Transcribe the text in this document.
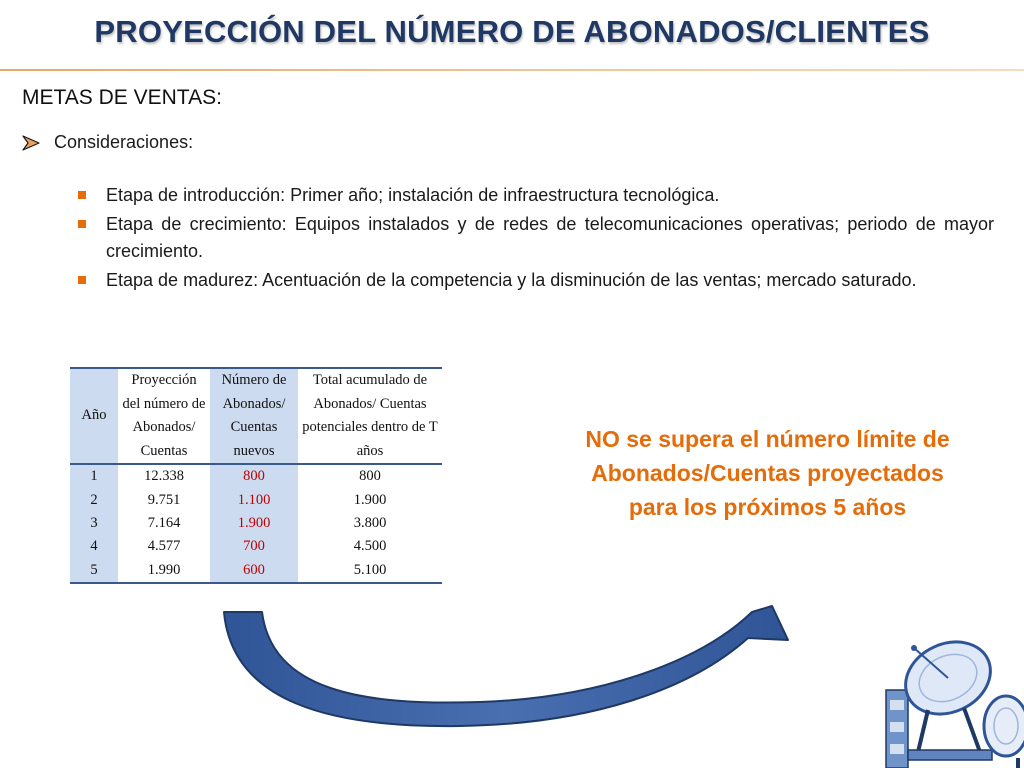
PROYECCIÓN DEL NÚMERO DE ABONADOS/CLIENTES
METAS DE VENTAS:
Consideraciones:
Etapa de introducción: Primer año; instalación de infraestructura tecnológica.
Etapa de crecimiento: Equipos instalados y de redes de telecomunicaciones operativas; periodo de mayor crecimiento.
Etapa de madurez: Acentuación de la competencia y la disminución de las ventas; mercado saturado.
Año	Proyección del número de Abonados/ Cuentas	Número de Abonados/ Cuentas nuevos	Total acumulado de Abonados/ Cuentas potenciales dentro de T años
1	12.338	800	800
2	9.751	1.100	1.900
3	7.164	1.900	3.800
4	4.577	700	4.500
5	1.990	600	5.100
NO se supera el número límite de Abonados/Cuentas proyectados para los próximos 5 años
